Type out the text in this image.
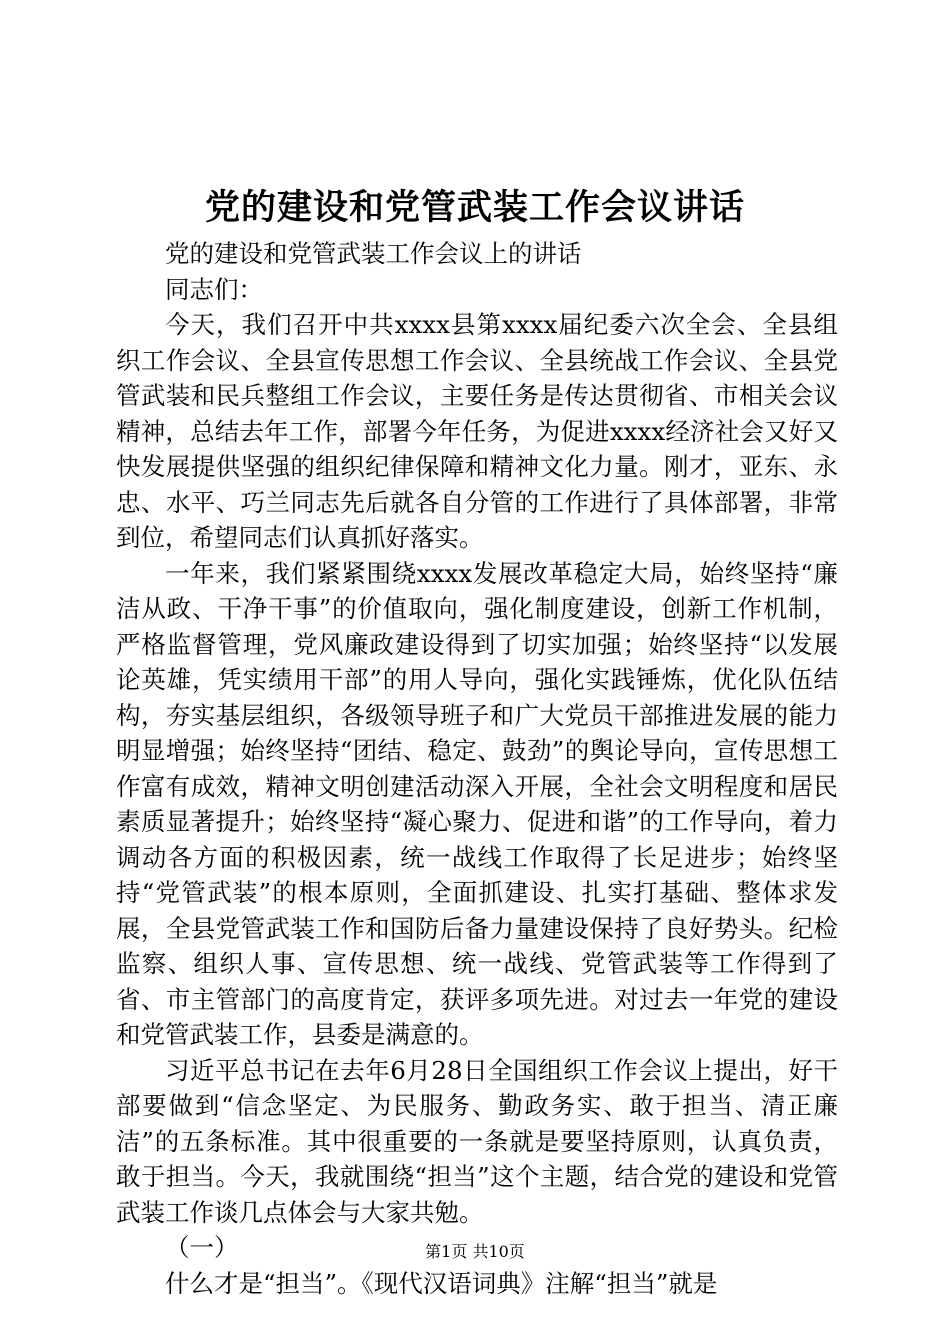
党的建设和党管武装工作会议讲话

党的建设和党管武装工作会议上的讲话

同志们：

今天，我们召开中共xxxx县第xxxx届纪委六次全会、全县组织工作会议、全县宣传思想工作会议、全县统战工作会议、全县党管武装和民兵整组工作会议，主要任务是传达贯彻省、市相关会议精神，总结去年工作，部署今年任务，为促进xxxx经济社会又好又快发展提供坚强的组织纪律保障和精神文化力量。刚才，亚东、永忠、水平、巧兰同志先后就各自分管的工作进行了具体部署，非常到位，希望同志们认真抓好落实。

一年来，我们紧紧围绕xxxx发展改革稳定大局，始终坚持“廉洁从政、干净干事”的价值取向，强化制度建设，创新工作机制，严格监督管理，党风廉政建设得到了切实加强；始终坚持“以发展论英雄，凭实绩用干部”的用人导向，强化实践锤炼，优化队伍结构，夯实基层组织，各级领导班子和广大党员干部推进发展的能力明显增强；始终坚持“团结、稳定、鼓劲”的舆论导向，宣传思想工作富有成效，精神文明创建活动深入开展，全社会文明程度和居民素质显著提升；始终坚持“凝心聚力、促进和谐”的工作导向，着力调动各方面的积极因素，统一战线工作取得了长足进步；始终坚持“党管武装”的根本原则，全面抓建设、扎实打基础、整体求发展，全县党管武装工作和国防后备力量建设保持了良好势头。纪检监察、组织人事、宣传思想、统一战线、党管武装等工作得到了省、市主管部门的高度肯定，获评多项先进。对过去一年党的建设和党管武装工作，县委是满意的。

习近平总书记在去年6月28日全国组织工作会议上提出，好干部要做到“信念坚定、为民服务、勤政务实、敢于担当、清正廉洁”的五条标准。其中很重要的一条就是要坚持原则，认真负责，敢于担当。今天，我就围绕“担当”这个主题，结合党的建设和党管武装工作谈几点体会与大家共勉。

（一）

什么才是“担当”。《现代汉语词典》注解“担当”就是

第1页 共10页
